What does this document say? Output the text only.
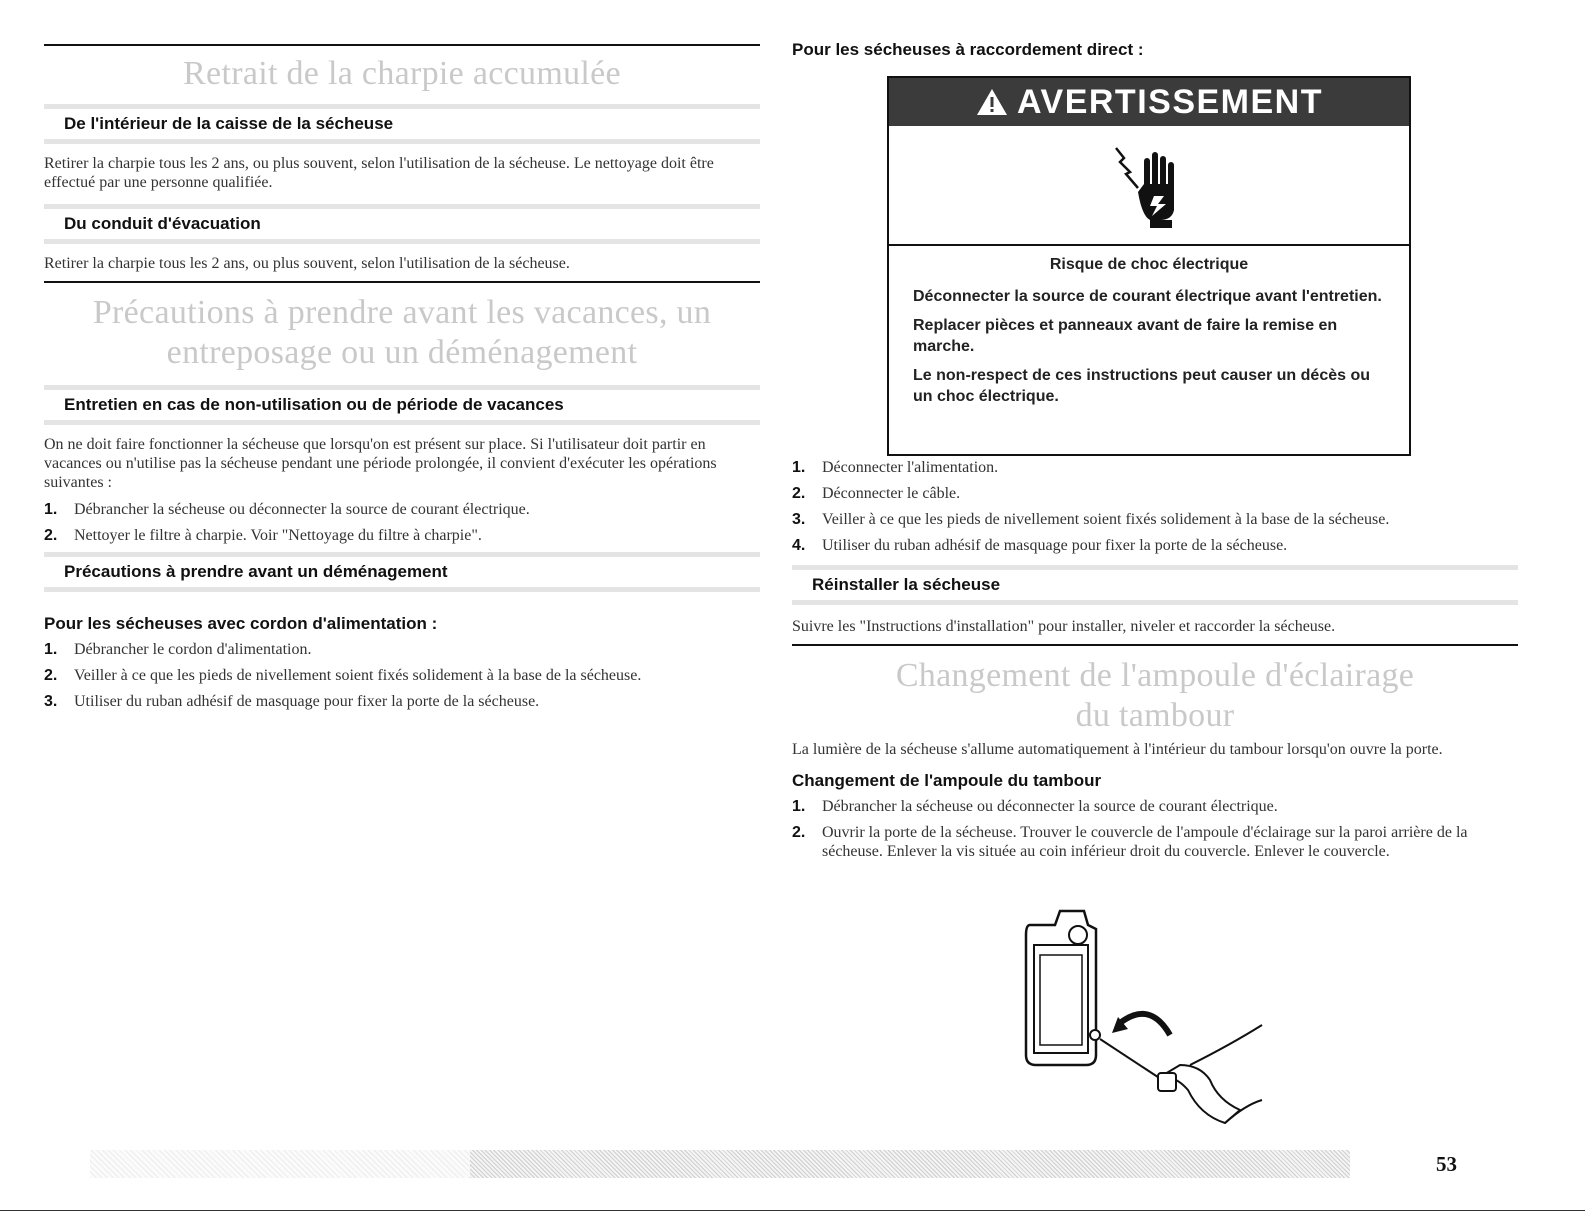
Retrait de la charpie accumulée
De l'intérieur de la caisse de la sécheuse

Retirer la charpie tous les 2 ans, ou plus souvent, selon l'utilisation de la sécheuse. Le nettoyage doit être effectué par une personne qualifiée.

Du conduit d'évacuation

Retirer la charpie tous les 2 ans, ou plus souvent, selon l'utilisation de la sécheuse.

Précautions à prendre avant les vacances, un
entreposage ou un déménagement
Entretien en cas de non-utilisation ou de période de vacances

On ne doit faire fonctionner la sécheuse que lorsqu'on est présent sur place. Si l'utilisateur doit partir en vacances ou n'utilise pas la sécheuse pendant une période prolongée, il convient d'exécuter les opérations suivantes :

1. Débrancher la sécheuse ou déconnecter la source de courant électrique.
2. Nettoyer le filtre à charpie. Voir "Nettoyage du filtre à charpie".
Précautions à prendre avant un déménagement
Pour les sécheuses avec cordon d'alimentation :
1. Débrancher le cordon d'alimentation.
2. Veiller à ce que les pieds de nivellement soient fixés solidement à la base de la sécheuse.
3. Utiliser du ruban adhésif de masquage pour fixer la porte de la sécheuse.
Pour les sécheuses à raccordement direct :
AVERTISSEMENT

Risque de choc électrique

Déconnecter la source de courant électrique avant l'entretien.

Replacer pièces et panneaux avant de faire la remise en marche.

Le non-respect de ces instructions peut causer un décès ou un choc électrique.

1. Déconnecter l'alimentation.
2. Déconnecter le câble.
3. Veiller à ce que les pieds de nivellement soient fixés solidement à la base de la sécheuse.
4. Utiliser du ruban adhésif de masquage pour fixer la porte de la sécheuse.
Réinstaller la sécheuse

Suivre les "Instructions d'installation" pour installer, niveler et raccorder la sécheuse.

Changement de l'ampoule d'éclairage
du tambour

La lumière de la sécheuse s'allume automatiquement à l'intérieur du tambour lorsqu'on ouvre la porte.

Changement de l'ampoule du tambour
1. Débrancher la sécheuse ou déconnecter la source de courant électrique.
2. Ouvrir la porte de la sécheuse. Trouver le couvercle de l'ampoule d'éclairage sur la paroi arrière de la sécheuse. Enlever la vis située au coin inférieur droit du couvercle. Enlever le couvercle.
53
